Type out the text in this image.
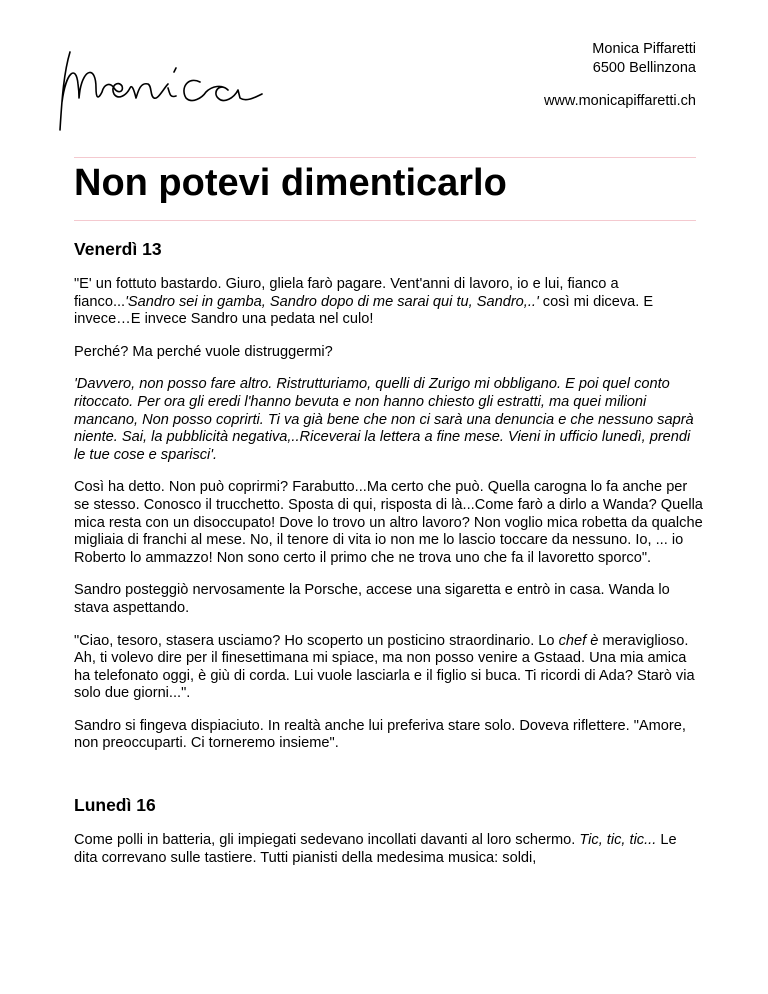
Monica Piffaretti
6500 Bellinzona
www.monicapiffaretti.ch
Non potevi dimenticarlo
Venerdì 13

"E' un fottuto bastardo. Giuro, gliela farò pagare. Vent'anni di lavoro, io e lui, fianco a fianco...'Sandro sei in gamba, Sandro dopo di me sarai qui tu, Sandro,..' così mi diceva. E invece…E invece Sandro una pedata nel culo!

Perché? Ma perché vuole distruggermi?

'Davvero, non posso fare altro. Ristrutturiamo, quelli di Zurigo mi obbligano. E poi quel conto ritoccato. Per ora gli eredi l'hanno bevuta e non hanno chiesto gli estratti, ma quei milioni mancano, Non posso coprirti. Ti va già bene che non ci sarà una denuncia e che nessuno saprà niente. Sai, la pubblicità negativa,..Riceverai la lettera a fine mese. Vieni in ufficio lunedì, prendi le tue cose e sparisci'.

Così ha detto. Non può coprirmi? Farabutto...Ma certo che può. Quella carogna lo fa anche per se stesso. Conosco il trucchetto. Sposta di qui, risposta di là...Come farò a dirlo a Wanda? Quella mica resta con un disoccupato! Dove lo trovo un altro lavoro? Non voglio mica robetta da qualche migliaia di franchi al mese. No, il tenore di vita io non me lo lascio toccare da nessuno. Io, ... io Roberto lo ammazzo! Non sono certo il primo che ne trova uno che fa il lavoretto sporco".

Sandro posteggiò nervosamente la Porsche, accese una sigaretta e entrò in casa. Wanda lo stava aspettando.

"Ciao, tesoro, stasera usciamo? Ho scoperto un posticino straordinario. Lo chef è meraviglioso. Ah, ti volevo dire per il finesettimana mi spiace, ma non posso venire a Gstaad. Una mia amica ha telefonato oggi, è giù di corda. Lui vuole lasciarla e il figlio si buca. Ti ricordi di Ada? Starò via solo due giorni...".

Sandro si fingeva dispiaciuto. In realtà anche lui preferiva stare solo. Doveva riflettere. "Amore, non preoccuparti. Ci torneremo insieme".

Lunedì 16

Come polli in batteria, gli impiegati sedevano incollati davanti al loro schermo. Tic, tic, tic... Le dita correvano sulle tastiere. Tutti pianisti della medesima musica: soldi,
